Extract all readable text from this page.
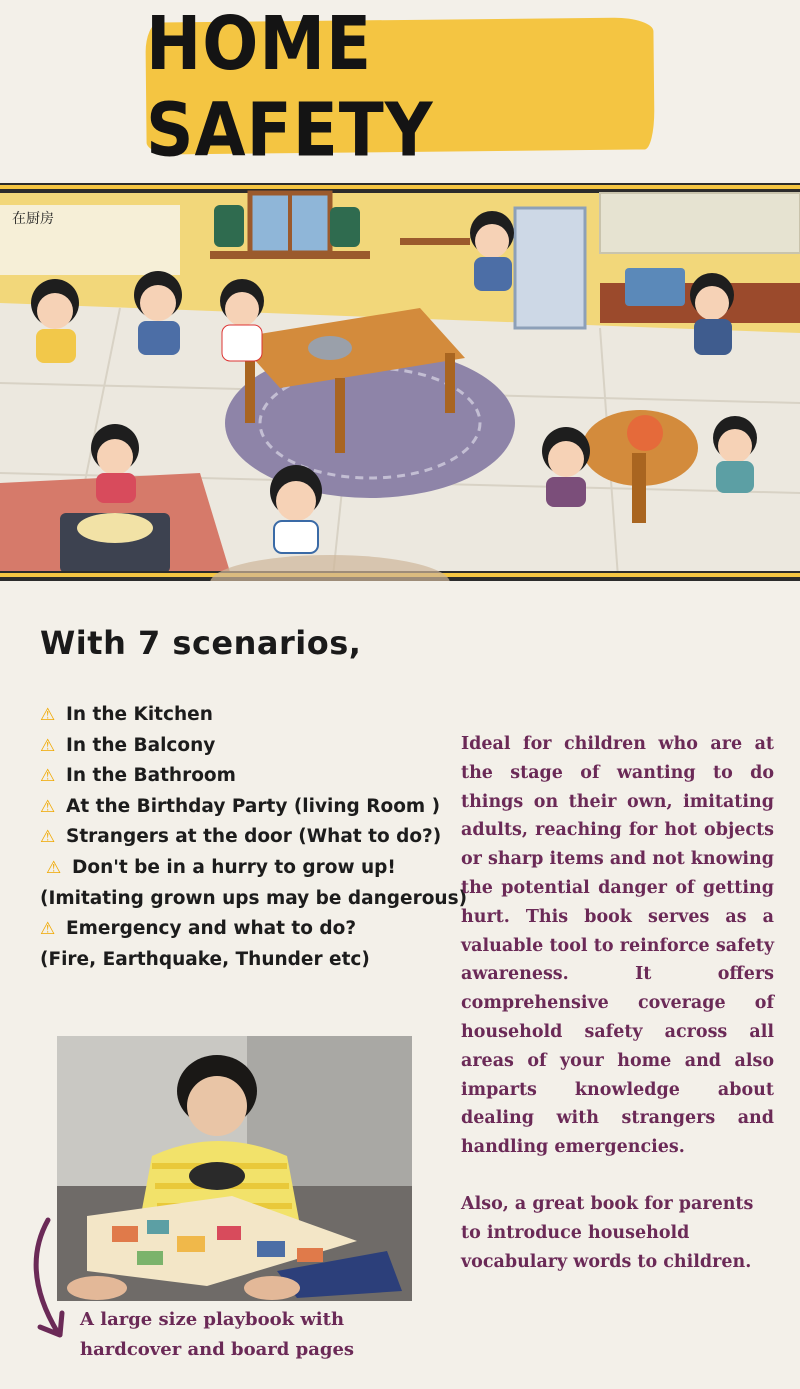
HOME SAFETY
在厨房
With 7 scenarios,
⚠ In the Kitchen
⚠ In the Balcony
⚠ In the Bathroom
⚠ At the Birthday Party (living Room )
⚠ Strangers at the door (What to do?)
⚠ Don't be in a hurry to grow up!
(Imitating grown ups may be dangerous)
⚠ Emergency and what to do?
(Fire, Earthquake, Thunder etc)

Ideal for children who are at the stage of wanting to do things on their own, imitating adults, reaching for hot objects or sharp items and not knowing the potential danger of getting hurt. This book serves as a valuable tool to reinforce safety awareness. It offers comprehensive coverage of household safety across all areas of your home and also imparts knowledge about dealing with strangers and handling emergencies.

Also, a great book for parents to introduce household vocabulary words to children.

A large size playbook with
hardcover and board pages
